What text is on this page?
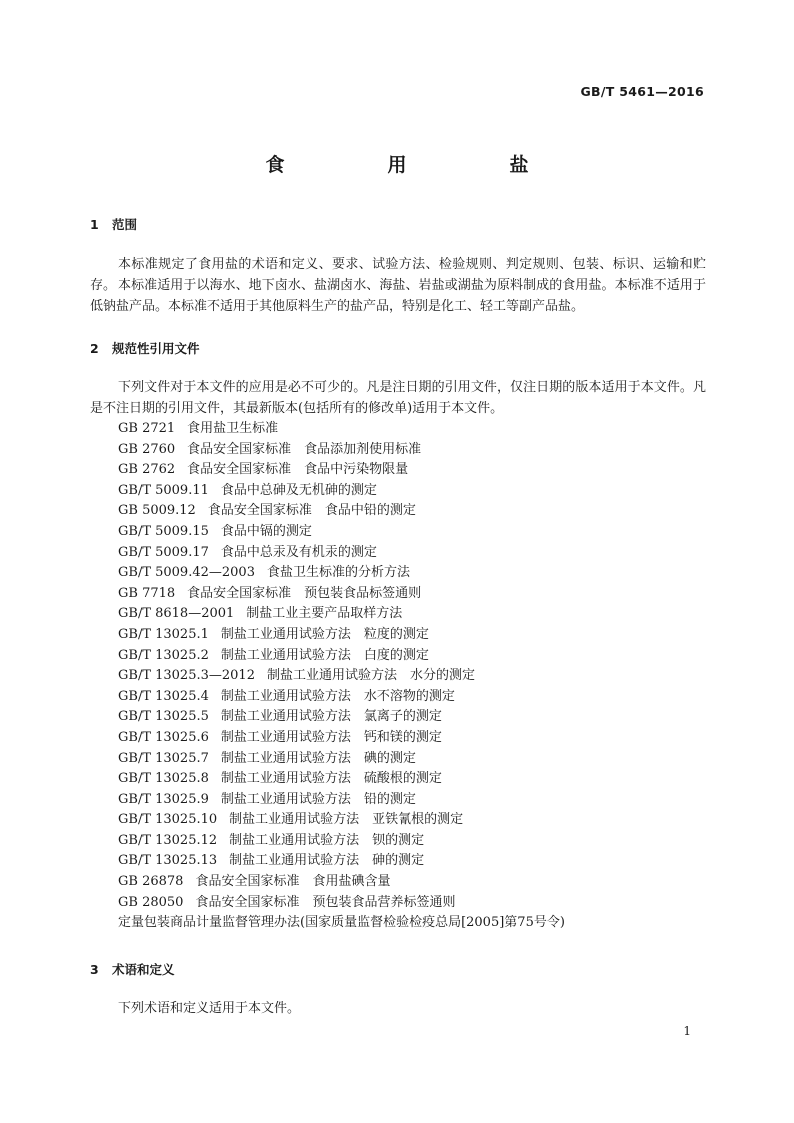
GB/T 5461—2016
食　用　盐
1	范围

本标准规定了食用盐的术语和定义、要求、试验方法、检验规则、判定规则、包装、标识、运输和贮存。 本标准适用于以海水、地下卤水、盐湖卤水、海盐、岩盐或湖盐为原料制成的食用盐。本标准不适用于低钠盐产品。本标准不适用于其他原料生产的盐产品，特别是化工、轻工等副产品盐。

2	规范性引用文件

下列文件对于本文件的应用是必不可少的。凡是注日期的引用文件，仅注日期的版本适用于本文件。凡是不注日期的引用文件，其最新版本(包括所有的修改单)适用于本文件。

GB 2721 食用盐卫生标准
GB 2760 食品安全国家标准　食品添加剂使用标准
GB 2762 食品安全国家标准　食品中污染物限量
GB/T 5009.11 食品中总砷及无机砷的测定
GB 5009.12 食品安全国家标准　食品中铅的测定
GB/T 5009.15 食品中镉的测定
GB/T 5009.17 食品中总汞及有机汞的测定
GB/T 5009.42—2003 食盐卫生标准的分析方法
GB 7718 食品安全国家标准　预包装食品标签通则
GB/T 8618—2001 制盐工业主要产品取样方法
GB/T 13025.1 制盐工业通用试验方法　粒度的测定
GB/T 13025.2 制盐工业通用试验方法　白度的测定
GB/T 13025.3—2012 制盐工业通用试验方法　水分的测定
GB/T 13025.4 制盐工业通用试验方法　水不溶物的测定
GB/T 13025.5 制盐工业通用试验方法　氯离子的测定
GB/T 13025.6 制盐工业通用试验方法　钙和镁的测定
GB/T 13025.7 制盐工业通用试验方法　碘的测定
GB/T 13025.8 制盐工业通用试验方法　硫酸根的测定
GB/T 13025.9 制盐工业通用试验方法　铅的测定
GB/T 13025.10 制盐工业通用试验方法　亚铁氰根的测定
GB/T 13025.12 制盐工业通用试验方法　钡的测定
GB/T 13025.13 制盐工业通用试验方法　砷的测定
GB 26878 食品安全国家标准　食用盐碘含量
GB 28050 食品安全国家标准　预包装食品营养标签通则
定量包装商品计量监督管理办法(国家质量监督检验检疫总局[2005]第75号令)
3	术语和定义

下列术语和定义适用于本文件。

1
